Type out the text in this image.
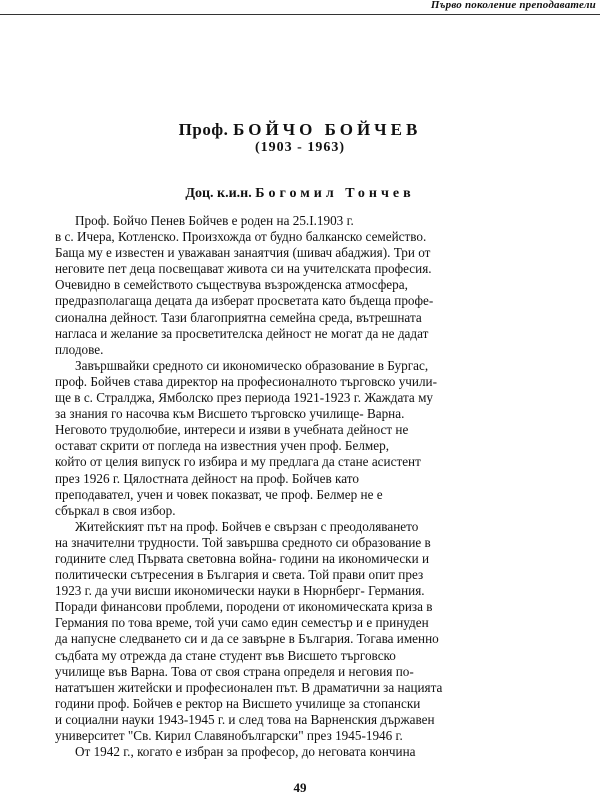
Първо поколение преподаватели
Проф. БОЙЧО БОЙЧЕВ
(1903 - 1963)
Доц. к.и.н. Богомил Тончев

Проф. Бойчо Пенев Бойчев е роден на 25.I.1903 г.
в с. Ичера, Котленско. Произхожда от будно балканско семейство.
Баща му е известен и уважаван занаятчия (шивач абаджия). Три от
неговите пет деца посвещават живота си на учителската професия.
Очевидно в семейството съществува възрожденска атмосфера,
предразполагаща децата да изберат просветата като бъдеща профе-
сионална дейност. Тази благоприятна семейна среда, вътрешната
нагласа и желание за просветителска дейност не могат да не дадат
плодове.

Завършвайки средното си икономическо образование в Бургас,
проф. Бойчев става директор на професионалното търговско учили-
ще в с. Стралджа, Ямболско през периода 1921-1923 г. Жаждата му
за знания го насочва към Висшето търговско училище- Варна.
Неговото трудолюбие, интереси и изяви в учебната дейност не
остават скрити от погледа на известния учен проф. Белмер,
който от целия випуск го избира и му предлага да стане асистент
през 1926 г. Цялостната дейност на проф. Бойчев като
преподавател, учен и човек показват, че проф. Белмер не е
сбъркал в своя избор.

Житейският път на проф. Бойчев е свързан с преодоляването
на значителни трудности. Той завършва средното си образование в
годините след Първата световна война- години на икономически и
политически сътресения в България и света. Той прави опит през
1923 г. да учи висши икономически науки в Нюрнберг- Германия.
Поради финансови проблеми, породени от икономическата криза в
Германия по това време, той учи само един семестър и е принуден
да напусне следването си и да се завърне в България. Тогава именно
съдбата му отрежда да стане студент във Висшето търговско
училище във Варна. Това от своя страна определя и неговия по-
нататъшен житейски и професионален път. В драматични за нацията
години проф. Бойчев е ректор на Висшето училище за стопански
и социални науки 1943-1945 г. и след това на Варненския държавен
университет "Св. Кирил Славянобългарски" през 1945-1946 г.

От 1942 г., когато е избран за професор, до неговата кончина

49
